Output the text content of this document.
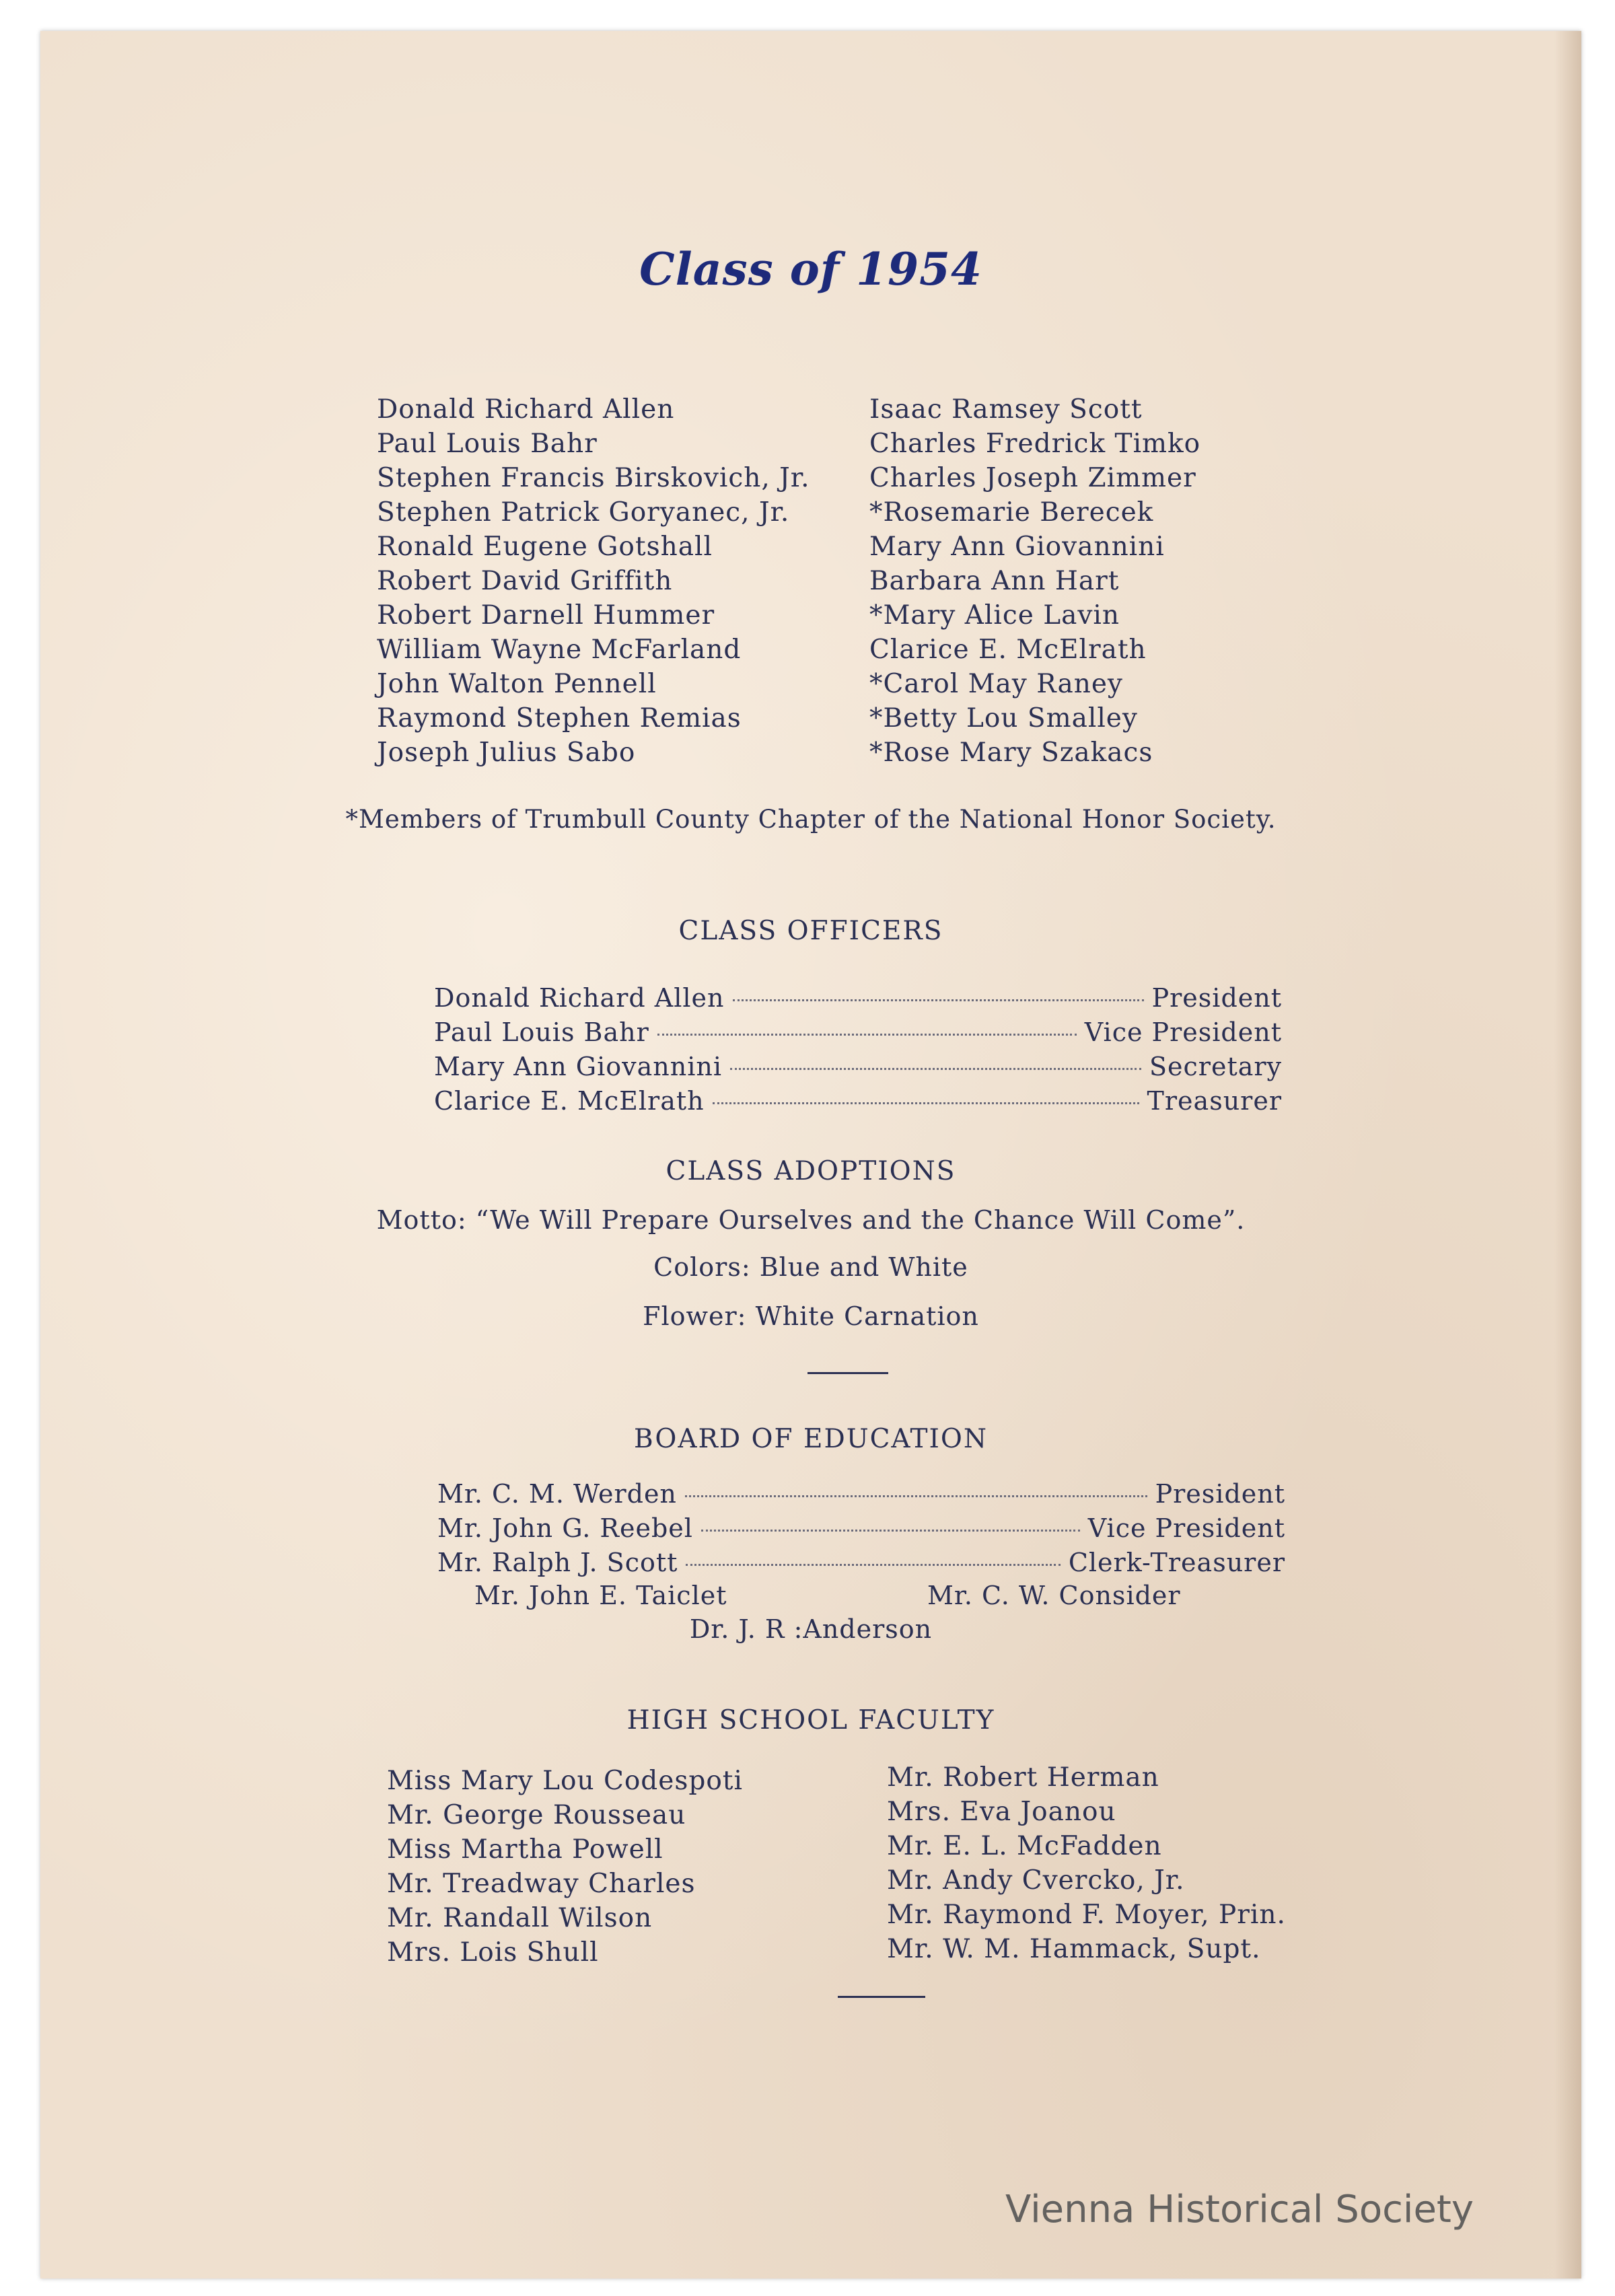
Class of 1954
Donald Richard Allen
Paul Louis Bahr
Stephen Francis Birskovich, Jr.
Stephen Patrick Goryanec, Jr.
Ronald Eugene Gotshall
Robert David Griffith
Robert Darnell Hummer
William Wayne McFarland
John Walton Pennell
Raymond Stephen Remias
Joseph Julius Sabo
Isaac Ramsey Scott
Charles Fredrick Timko
Charles Joseph Zimmer
*Rosemarie Berecek
Mary Ann Giovannini
Barbara Ann Hart
*Mary Alice Lavin
Clarice E. McElrath
*Carol May Raney
*Betty Lou Smalley
*Rose Mary Szakacs
*Members of Trumbull County Chapter of the National Honor Society.
CLASS OFFICERS
Donald Richard Allen	President
Paul Louis Bahr	Vice President
Mary Ann Giovannini	Secretary
Clarice E. McElrath	Treasurer
CLASS ADOPTIONS
Motto: “We Will Prepare Ourselves and the Chance Will Come”.
Colors: Blue and White
Flower: White Carnation
BOARD OF EDUCATION
Mr. C. M. Werden	President
Mr. John G. Reebel	Vice President
Mr. Ralph J. Scott	Clerk-Treasurer
Mr. John E. Taiclet	Mr. C. W. Consider
Dr. J. R :Anderson
HIGH SCHOOL FACULTY
Miss Mary Lou Codespoti
Mr. George Rousseau
Miss Martha Powell
Mr. Treadway Charles
Mr. Randall Wilson
Mrs. Lois Shull
Mr. Robert Herman
Mrs. Eva Joanou
Mr. E. L. McFadden
Mr. Andy Cvercko, Jr.
Mr. Raymond F. Moyer, Prin.
Mr. W. M. Hammack, Supt.
Vienna Historical Society
